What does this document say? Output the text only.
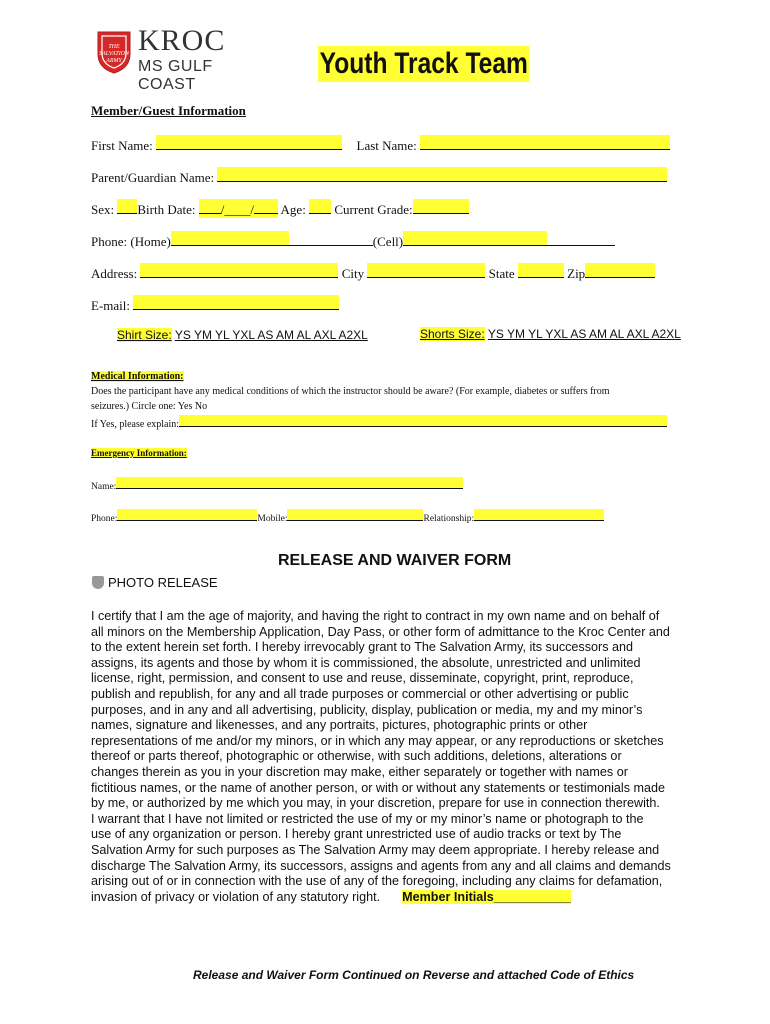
THE
SALVATION
ARMY
KROC
MS GULF COAST
Youth Track Team
Member/Guest Information
First Name:	Last Name:
Parent/Guardian Name:
Sex: Birth Date: /____/ Age: Current Grade:
Phone: (Home)	(Cell)
Address:	City	State	Zip
E-mail:
Shirt Size: YS YM YL YXL AS AM AL AXL A2XL	Shorts Size: YS YM YL YXL AS AM AL AXL A2XL
Medical Information:
Does the participant have any medical conditions of which the instructor should be aware? (For example, diabetes or suffers from
seizures.) Circle one: Yes No
If Yes, please explain:
Emergency Information:
Name:
Phone:	Mobile:	Relationship:
RELEASE AND WAIVER FORM
PHOTO RELEASE

I certify that I am the age of majority, and having the right to contract in my own name and on behalf of

all minors on the Membership Application, Day Pass, or other form of admittance to the Kroc Center and

to the extent herein set forth. I hereby irrevocably grant to The Salvation Army, its successors and

assigns, its agents and those by whom it is commissioned, the absolute, unrestricted and unlimited

license, right, permission, and consent to use and reuse, disseminate, copyright, print, reproduce,

publish and republish, for any and all trade purposes or commercial or other advertising or public

purposes, and in any and all advertising, publicity, display, publication or media, my and my minor’s

names, signature and likenesses, and any portraits, pictures, photographic prints or other

representations of me and/or my minors, or in which any may appear, or any reproductions or sketches

thereof or parts thereof, photographic or otherwise, with such additions, deletions, alterations or

changes therein as you in your discretion may make, either separately or together with names or

fictitious names, or the name of another person, or with or without any statements or testimonials made

by me, or authorized by me which you may, in your discretion, prepare for use in connection therewith.

I warrant that I have not limited or restricted the use of my or my minor’s name or photograph to the

use of any organization or person. I hereby grant unrestricted use of audio tracks or text by The

Salvation Army for such purposes as The Salvation Army may deem appropriate. I hereby release and

discharge The Salvation Army, its successors, assigns and agents from any and all claims and demands

arising out of or in connection with the use of any of the foregoing, including any claims for defamation,

invasion of privacy or violation of any statutory right. Member Initials___________

Release and Waiver Form Continued on Reverse and attached Code of Ethics
